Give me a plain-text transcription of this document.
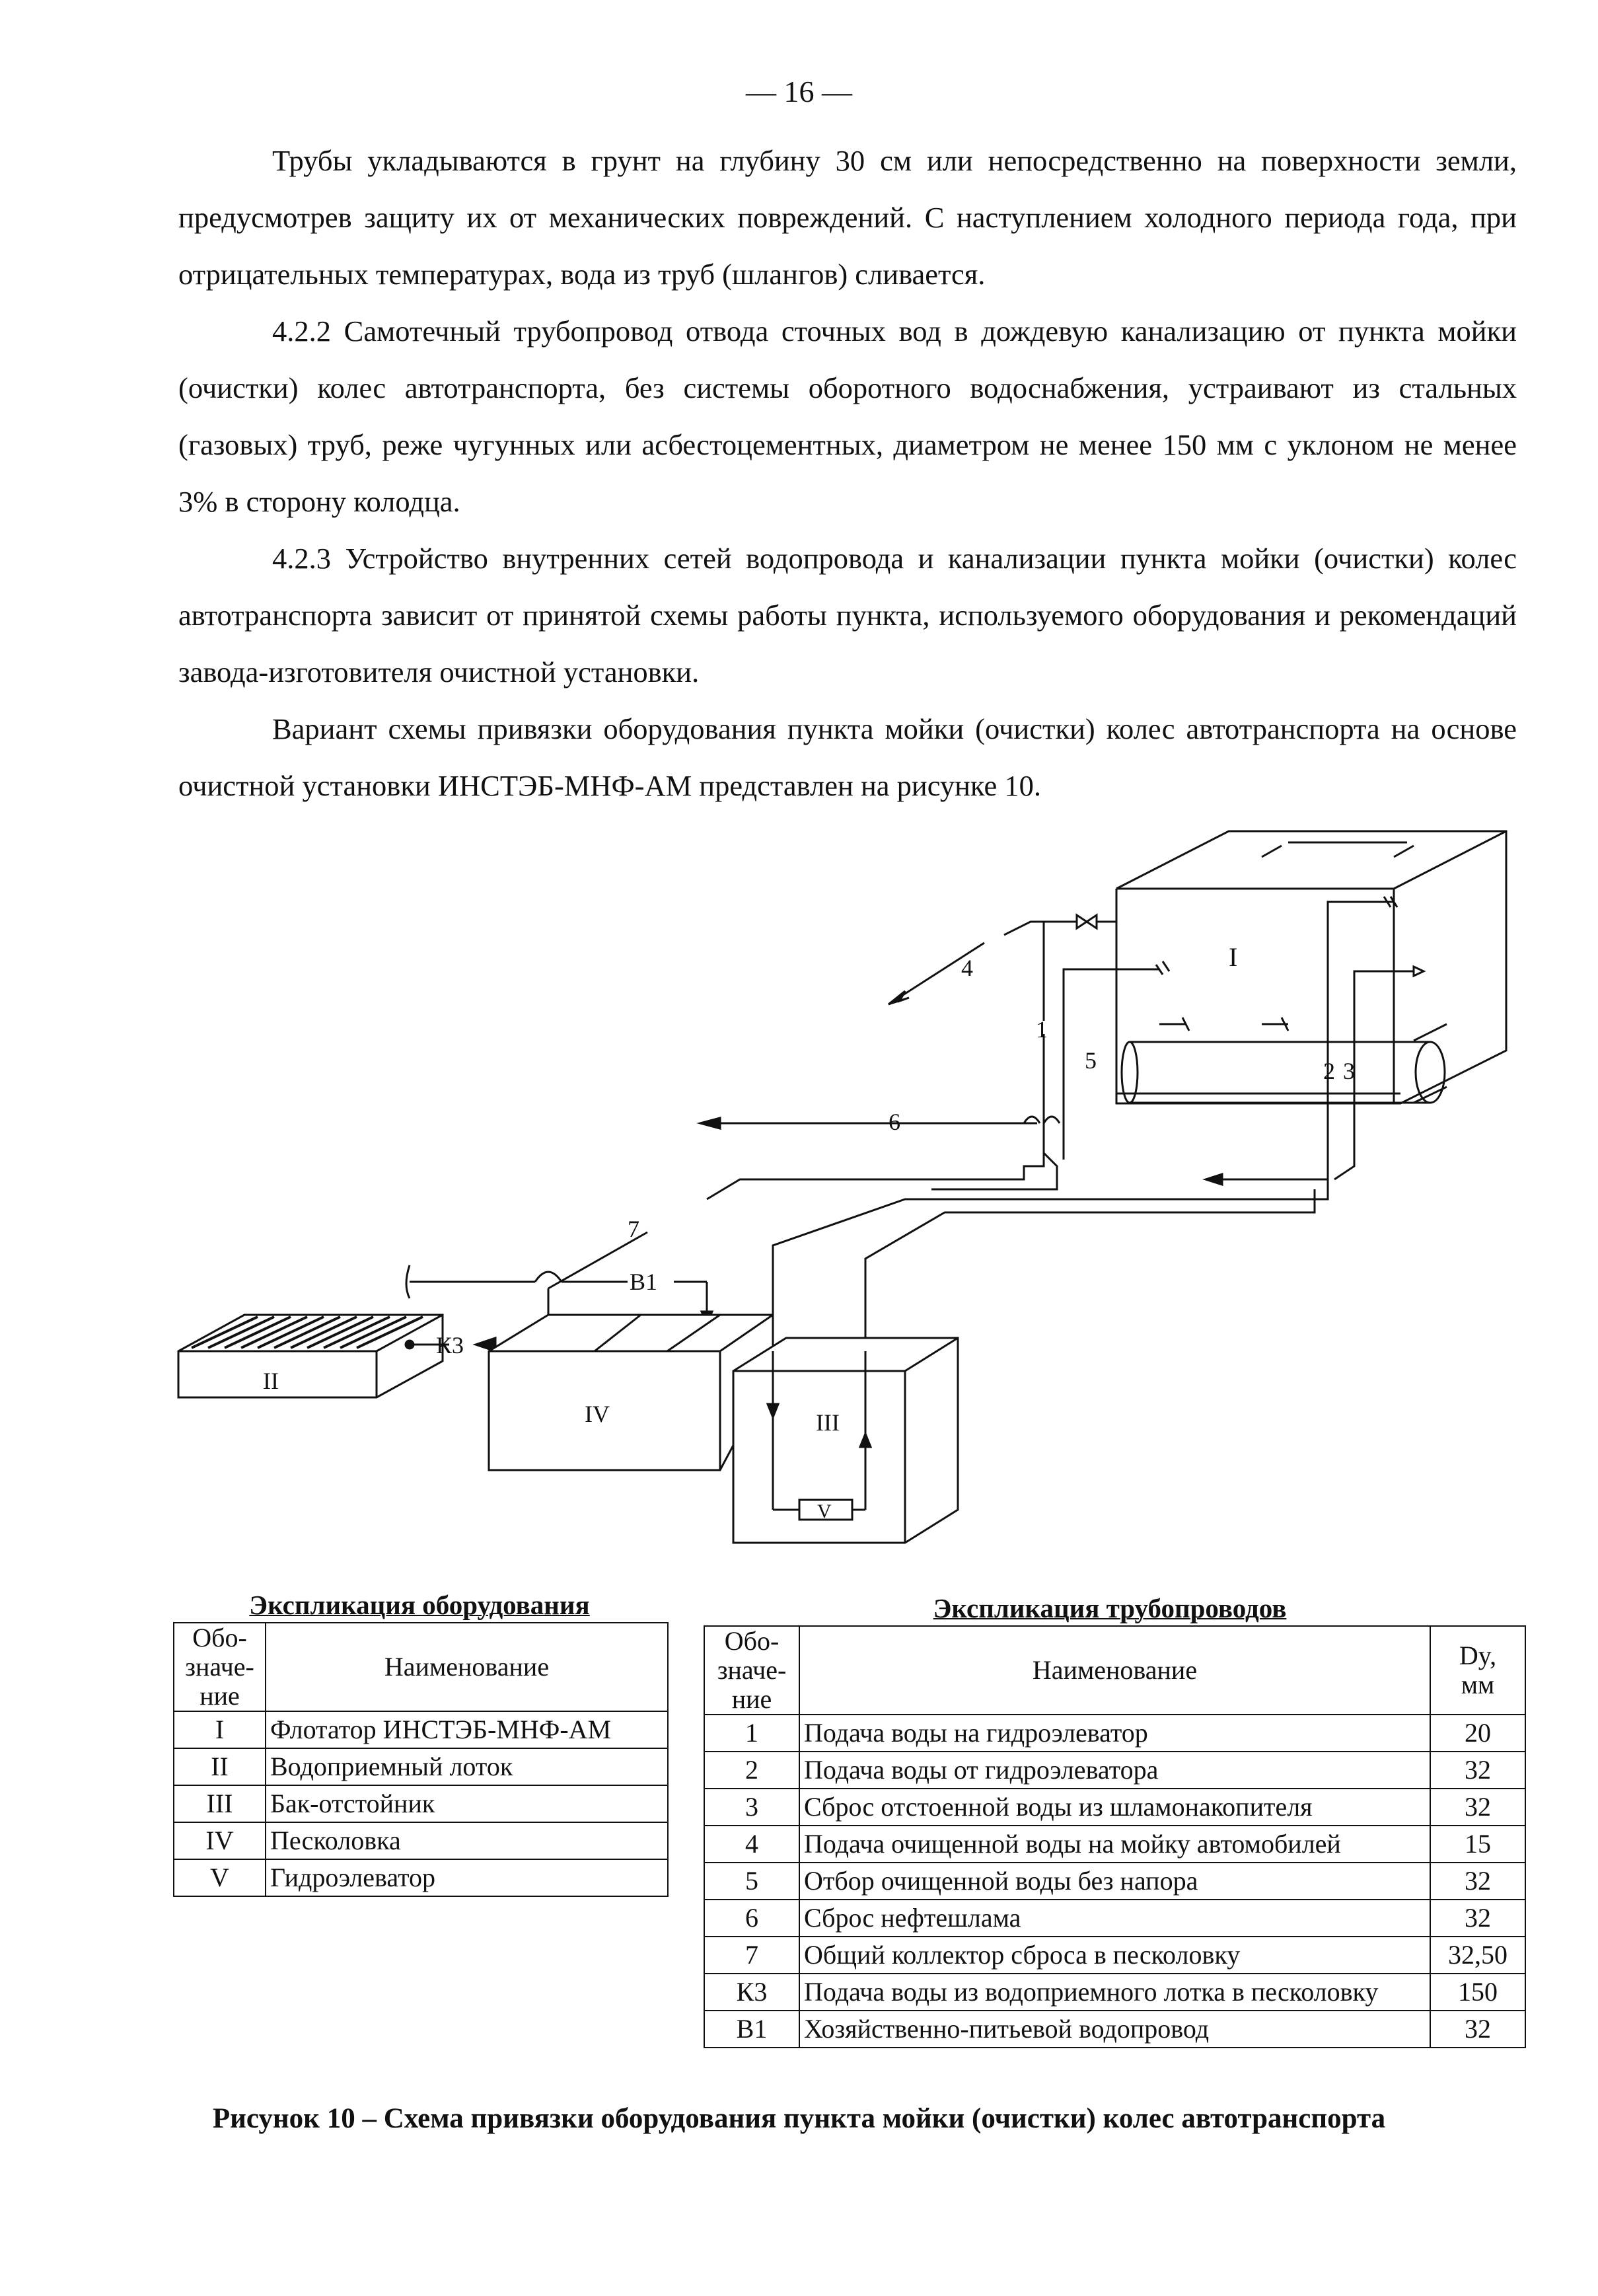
— 16 —

Трубы укладываются в грунт на глубину 30 см или непосредственно на поверхности земли, предусмотрев защиту их от механических повреждений. С наступлением холодного периода года, при отрицательных температурах, вода из труб (шлангов) сливается.

4.2.2 Самотечный трубопровод отвода сточных вод в дождевую канализацию от пункта мойки (очистки) колес автотранспорта, без системы оборотного водоснабжения, устраивают из стальных (газовых) труб, реже чугунных или асбестоцементных, диаметром не менее 150 мм с уклоном не менее 3% в сторону колодца.

4.2.3 Устройство внутренних сетей водопровода и канализации пункта мойки (очистки) колес автотранспорта зависит от принятой схемы работы пункта, используемого оборудования и рекомендаций завода-изготовителя очистной установки.

Вариант схемы привязки оборудования пункта мойки (очистки) колес автотранспорта на основе очистной установки ИНСТЭБ-МНФ-АМ представлен на рисунке 10.

I
4
1
5	2 3
6
7
В1
II
К3
IV	III
V
Экспликация оборудования
Обо-
значе-
ние	Наименование
I	Флотатор ИНСТЭБ-МНФ-АМ
II	Водоприемный лоток
III	Бак-отстойник
IV	Песколовка
V	Гидроэлеватор
Экспликация трубопроводов
Обо-
значе-
ние	Наименование	Dy,
мм
1	Подача воды на гидроэлеватор	20
2	Подача воды от гидроэлеватора	32
3	Сброс отстоенной воды из шламонакопителя	32
4	Подача очищенной воды на мойку автомобилей	15
5	Отбор очищенной воды без напора	32
6	Сброс нефтешлама	32
7	Общий коллектор сброса в песколовку	32,50
К3	Подача воды из водоприемного лотка в песколовку	150
В1	Хозяйственно-питьевой водопровод	32
Рисунок 10 – Схема привязки оборудования пункта мойки (очистки) колес автотранспорта
